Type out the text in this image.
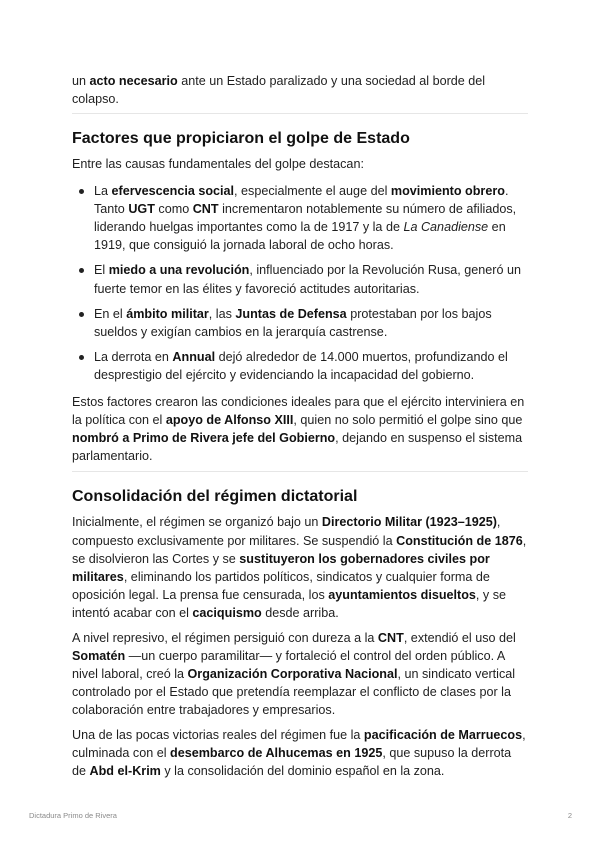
un acto necesario ante un Estado paralizado y una sociedad al borde del colapso.

Factores que propiciaron el golpe de Estado

Entre las causas fundamentales del golpe destacan:

La efervescencia social, especialmente el auge del movimiento obrero. Tanto UGT como CNT incrementaron notablemente su número de afiliados, liderando huelgas importantes como la de 1917 y la de La Canadiense en 1919, que consiguió la jornada laboral de ocho horas.
El miedo a una revolución, influenciado por la Revolución Rusa, generó un fuerte temor en las élites y favoreció actitudes autoritarias.
En el ámbito militar, las Juntas de Defensa protestaban por los bajos sueldos y exigían cambios en la jerarquía castrense.
La derrota en Annual dejó alrededor de 14.000 muertos, profundizando el desprestigio del ejército y evidenciando la incapacidad del gobierno.

Estos factores crearon las condiciones ideales para que el ejército interviniera en la política con el apoyo de Alfonso XIII, quien no solo permitió el golpe sino que nombró a Primo de Rivera jefe del Gobierno, dejando en suspenso el sistema parlamentario.

Consolidación del régimen dictatorial

Inicialmente, el régimen se organizó bajo un Directorio Militar (1923–1925), compuesto exclusivamente por militares. Se suspendió la Constitución de 1876, se disolvieron las Cortes y se sustituyeron los gobernadores civiles por militares, eliminando los partidos políticos, sindicatos y cualquier forma de oposición legal. La prensa fue censurada, los ayuntamientos disueltos, y se intentó acabar con el caciquismo desde arriba.

A nivel represivo, el régimen persiguió con dureza a la CNT, extendió el uso del Somatén —un cuerpo paramilitar— y fortaleció el control del orden público. A nivel laboral, creó la Organización Corporativa Nacional, un sindicato vertical controlado por el Estado que pretendía reemplazar el conflicto de clases por la colaboración entre trabajadores y empresarios.

Una de las pocas victorias reales del régimen fue la pacificación de Marruecos, culminada con el desembarco de Alhucemas en 1925, que supuso la derrota de Abd el-Krim y la consolidación del dominio español en la zona.

Dictadura Primo de Rivera	2
